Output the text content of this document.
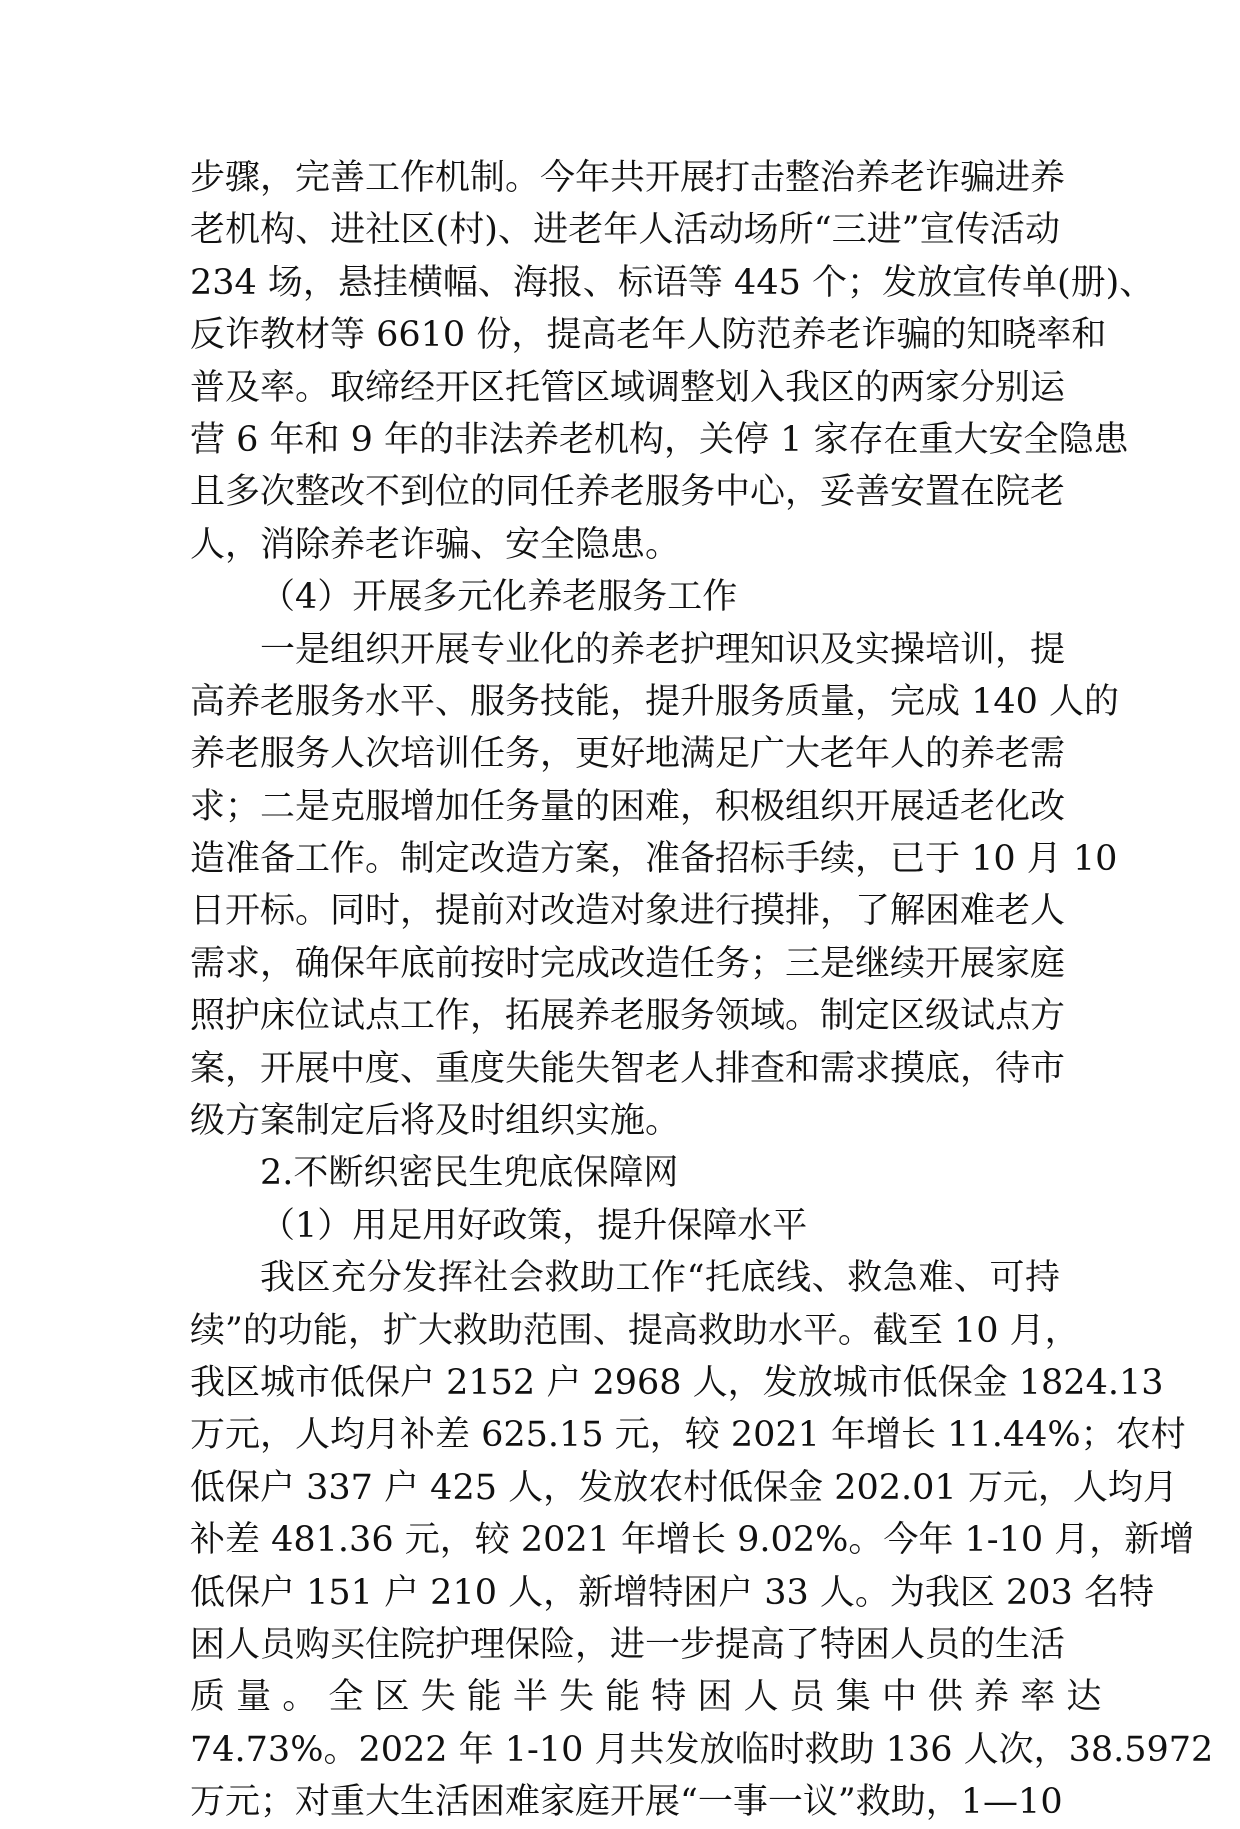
步骤，完善工作机制。今年共开展打击整治养老诈骗进养
老机构、进社区(村)、进老年人活动场所“三进”宣传活动
234 场，悬挂横幅、海报、标语等 445 个；发放宣传单(册)、
反诈教材等 6610 份，提高老年人防范养老诈骗的知晓率和
普及率。取缔经开区托管区域调整划入我区的两家分别运
营 6 年和 9 年的非法养老机构，关停 1 家存在重大安全隐患
且多次整改不到位的同任养老服务中心，妥善安置在院老
人，消除养老诈骗、安全隐患。
（4）开展多元化养老服务工作
一是组织开展专业化的养老护理知识及实操培训，提
高养老服务水平、服务技能，提升服务质量，完成 140 人的
养老服务人次培训任务，更好地满足广大老年人的养老需
求；二是克服增加任务量的困难，积极组织开展适老化改
造准备工作。制定改造方案，准备招标手续，已于 10 月 10
日开标。同时，提前对改造对象进行摸排，了解困难老人
需求，确保年底前按时完成改造任务；三是继续开展家庭
照护床位试点工作，拓展养老服务领域。制定区级试点方
案，开展中度、重度失能失智老人排查和需求摸底，待市
级方案制定后将及时组织实施。
2.不断织密民生兜底保障网
（1）用足用好政策，提升保障水平
我区充分发挥社会救助工作“托底线、救急难、可持
续”的功能，扩大救助范围、提高救助水平。截至 10 月，
我区城市低保户 2152 户 2968 人，发放城市低保金 1824.13
万元，人均月补差 625.15 元，较 2021 年增长 11.44%；农村
低保户 337 户 425 人，发放农村低保金 202.01 万元，人均月
补差 481.36 元，较 2021 年增长 9.02%。今年 1-10 月，新增
低保户 151 户 210 人，新增特困户 33 人。为我区 203 名特
困人员购买住院护理保险，进一步提高了特困人员的生活
质 量 。 全 区 失 能 半 失 能 特 困 人 员 集 中 供 养 率 达
74.73%。2022 年 1-10 月共发放临时救助 136 人次，38.5972
万元；对重大生活困难家庭开展“一事一议”救助，1—10
